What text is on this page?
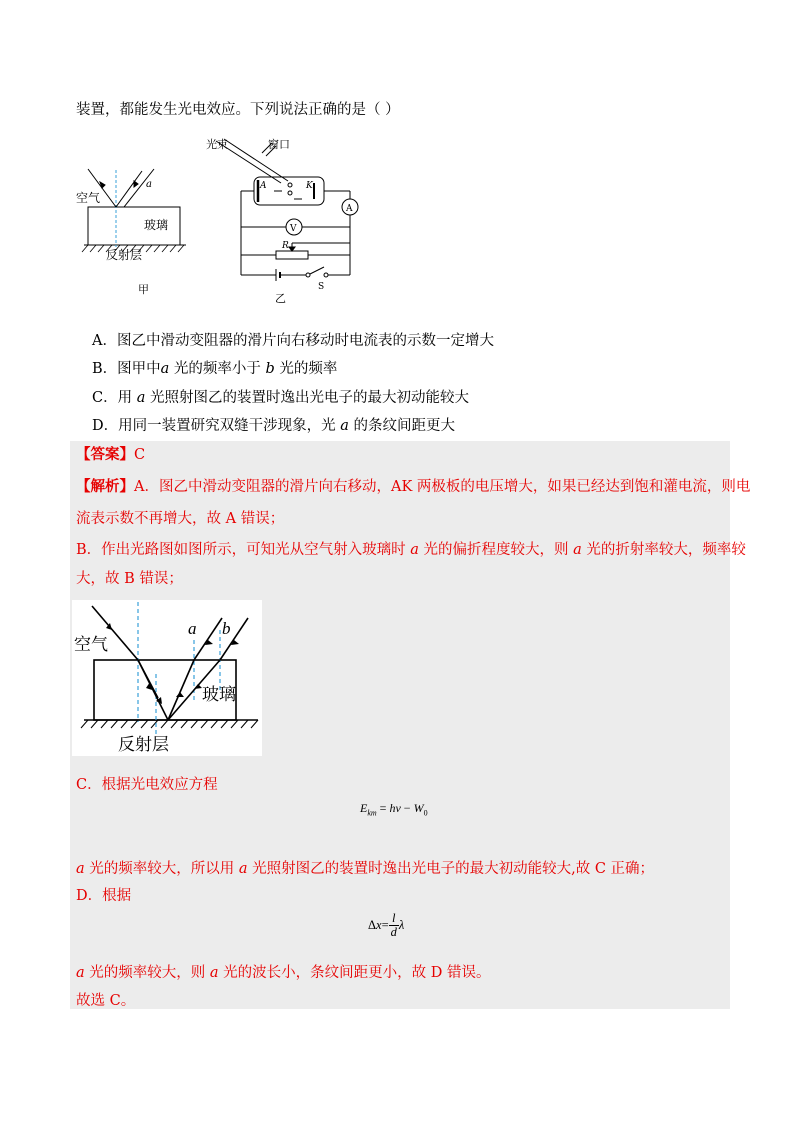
装置，都能发生光电效应。下列说法正确的是（ ）
空气
a
玻璃
反射层
甲
光束	窗口
A	K
A
V
R
S
乙
A．图乙中滑动变阻器的滑片向右移动时电流表的示数一定增大
B．图甲中a 光的频率小于 b 光的频率
C．用 a 光照射图乙的装置时逸出光电子的最大初动能较大
D．用同一装置研究双缝干涉现象，光 a 的条纹间距更大
【答案】C
【解析】A．图乙中滑动变阻器的滑片向右移动，AK 两极板的电压增大，如果已经达到饱和灌电流，则电
流表示数不再增大，故 A 错误；
B．作出光路图如图所示，可知光从空气射入玻璃时 a 光的偏折程度较大，则 a 光的折射率较大，频率较
大，故 B 错误；
空气
a b
玻璃
反射层
C．根据光电效应方程
$E_{km} = h\nu - W_0$
a 光的频率较大，所以用 a 光照射图乙的装置时逸出光电子的最大初动能较大,故 C 正确；
D．根据
$\Delta x= \frac{l}{d}$ λ
a 光的频率较大，则 a 光的波长小，条纹间距更小，故 D 错误。
故选 C。
